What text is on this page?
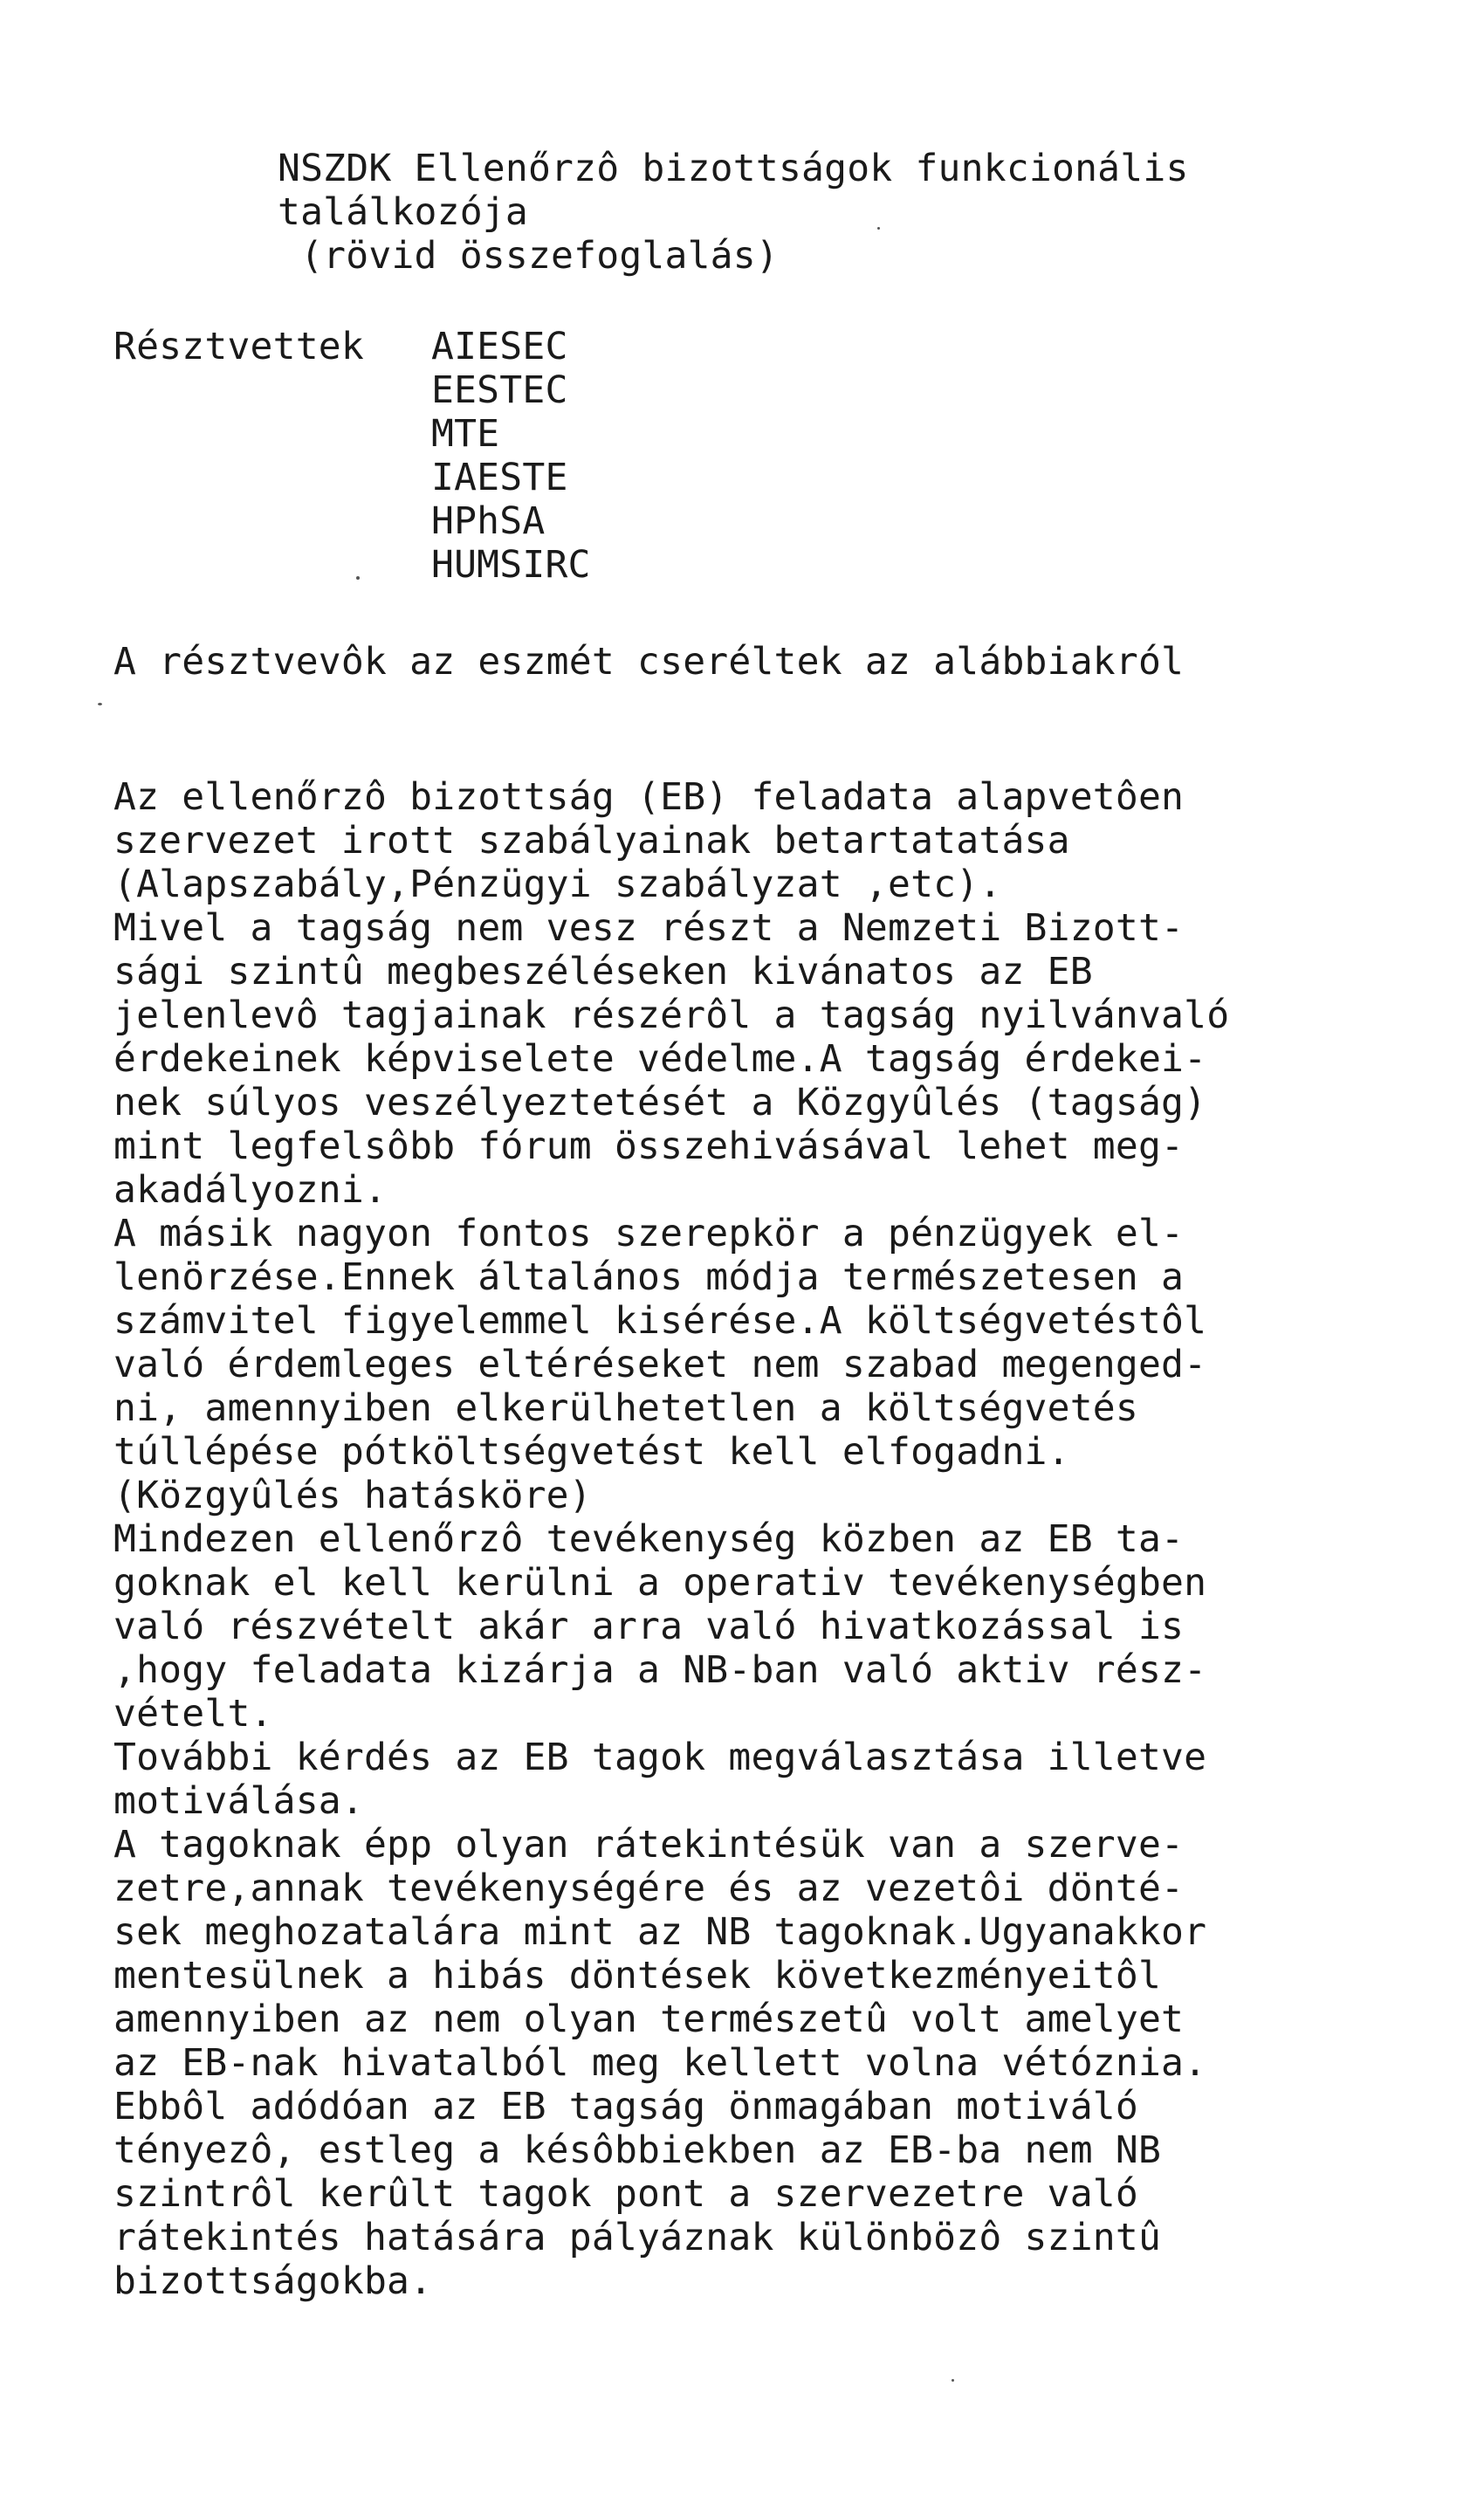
NSZDK Ellenőrzô bizottságok funkcionális
találkozója
(rövid összefoglalás)
Résztvettek AIESEC
EESTEC
MTE
IAESTE
HPhSA
HUMSIRC
A résztvevôk az eszmét cseréltek az alábbiakról
Az ellenőrzô bizottság (EB) feladata alapvetôen
szervezet irott szabályainak betartatatása
(Alapszabály,Pénzügyi szabályzat ,etc).
Mivel a tagság nem vesz részt a Nemzeti Bizott-
sági szintû megbeszéléseken kivánatos az EB
jelenlevô tagjainak részérôl a tagság nyilvánvaló
érdekeinek képviselete védelme.A tagság érdekei-
nek súlyos veszélyeztetését a Közgyûlés (tagság)
mint legfelsôbb fórum összehivásával lehet meg-
akadályozni.
A másik nagyon fontos szerepkör a pénzügyek el-
lenörzése.Ennek általános módja természetesen a
számvitel figyelemmel kisérése.A költségvetéstôl
való érdemleges eltéréseket nem szabad megenged-
ni, amennyiben elkerülhetetlen a költségvetés
túllépése pótköltségvetést kell elfogadni.
(Közgyûlés hatásköre)
Mindezen ellenőrzô tevékenység közben az EB ta-
goknak el kell kerülni a operativ tevékenységben
való részvételt akár arra való hivatkozással is
,hogy feladata kizárja a NB-ban való aktiv rész-
vételt.
További kérdés az EB tagok megválasztása illetve
motiválása.
A tagoknak épp olyan rátekintésük van a szerve-
zetre,annak tevékenységére és az vezetôi dönté-
sek meghozatalára mint az NB tagoknak.Ugyanakkor
mentesülnek a hibás döntések következményeitôl
amennyiben az nem olyan természetû volt amelyet
az EB-nak hivatalból meg kellett volna vétóznia.
Ebbôl adódóan az EB tagság önmagában motiváló
tényezô, estleg a késôbbiekben az EB-ba nem NB
szintrôl kerûlt tagok pont a szervezetre való
rátekintés hatására pályáznak különbözô szintû
bizottságokba.
